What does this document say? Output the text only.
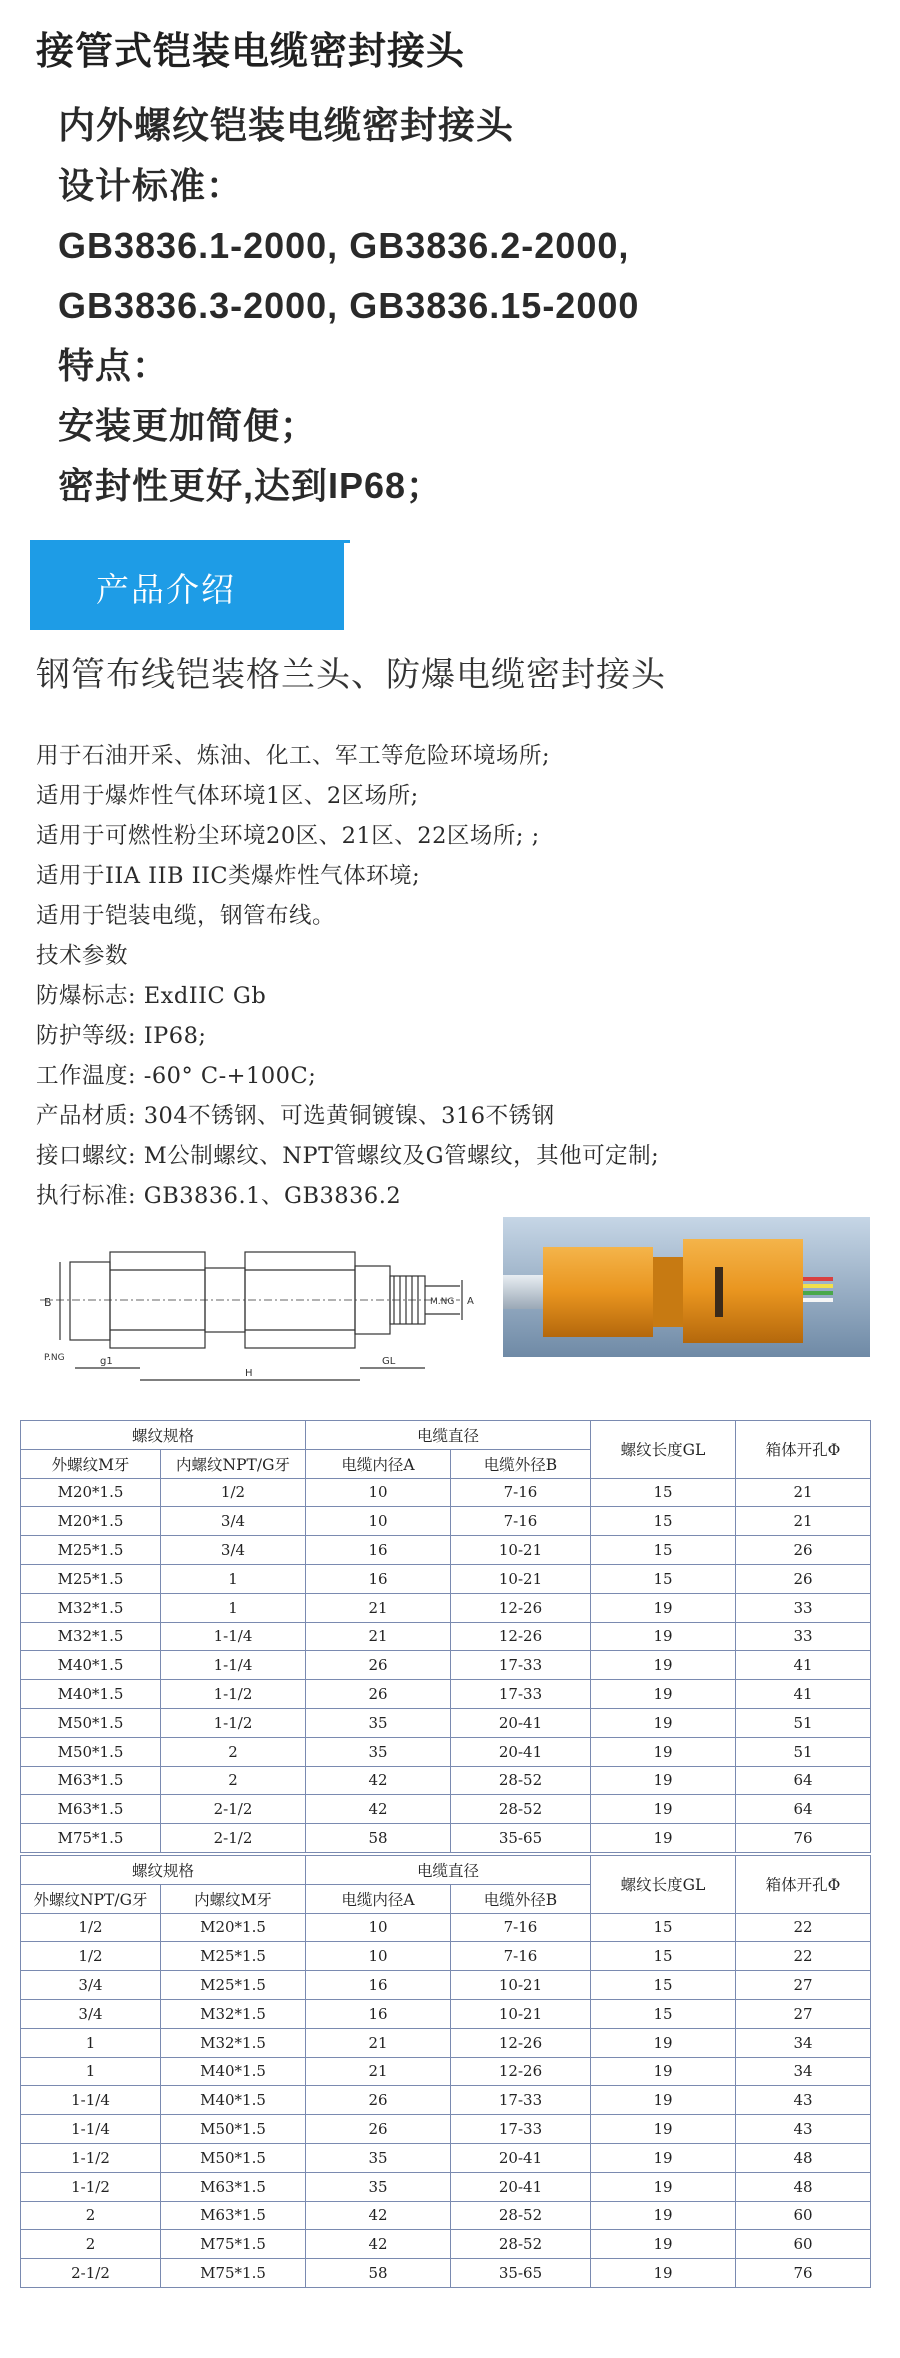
接管式铠装电缆密封接头
内外螺纹铠装电缆密封接头
设计标准：
GB3836.1-2000, GB3836.2-2000,
GB3836.3-2000, GB3836.15-2000
特点：
安装更加简便；
密封性更好,达到IP68；
产品介绍
钢管布线铠装格兰头、防爆电缆密封接头
用于石油开采、炼油、化工、军工等危险环境场所;
适用于爆炸性气体环境1区、2区场所;
适用于可燃性粉尘环境20区、21区、22区场所; ;
适用于IIA IIB IIC类爆炸性气体环境;
适用于铠装电缆，钢管布线。
技术参数
防爆标志: ExdIIC Gb
防护等级: IP68;
工作温度: -60° C-+100C;
产品材质: 304不锈钢、可选黄铜镀镍、316不锈钢
接口螺纹: M公制螺纹、NPT管螺纹及G管螺纹，其他可定制;
执行标准: GB3836.1、GB3836.2
B	A
M.NG
P.NG	g1
H
GL
螺纹规格		电缆直径		螺纹长度GL	箱体开孔Φ
外螺纹M牙	内螺纹NPT/G牙	电缆内径A	电缆外径B		
M20*1.5	1/2	10	7-16	15	21
M20*1.5	3/4	10	7-16	15	21
M25*1.5	3/4	16	10-21	15	26
M25*1.5	1	16	10-21	15	26
M32*1.5	1	21	12-26	19	33
M32*1.5	1-1/4	21	12-26	19	33
M40*1.5	1-1/4	26	17-33	19	41
M40*1.5	1-1/2	26	17-33	19	41
M50*1.5	1-1/2	35	20-41	19	51
M50*1.5	2	35	20-41	19	51
M63*1.5	2	42	28-52	19	64
M63*1.5	2-1/2	42	28-52	19	64
M75*1.5	2-1/2	58	35-65	19	76
螺纹规格		电缆直径		螺纹长度GL	箱体开孔Φ
外螺纹NPT/G牙	内螺纹M牙	电缆内径A	电缆外径B		
1/2	M20*1.5	10	7-16	15	22
1/2	M25*1.5	10	7-16	15	22
3/4	M25*1.5	16	10-21	15	27
3/4	M32*1.5	16	10-21	15	27
1	M32*1.5	21	12-26	19	34
1	M40*1.5	21	12-26	19	34
1-1/4	M40*1.5	26	17-33	19	43
1-1/4	M50*1.5	26	17-33	19	43
1-1/2	M50*1.5	35	20-41	19	48
1-1/2	M63*1.5	35	20-41	19	48
2	M63*1.5	42	28-52	19	60
2	M75*1.5	42	28-52	19	60
2-1/2	M75*1.5	58	35-65	19	76
